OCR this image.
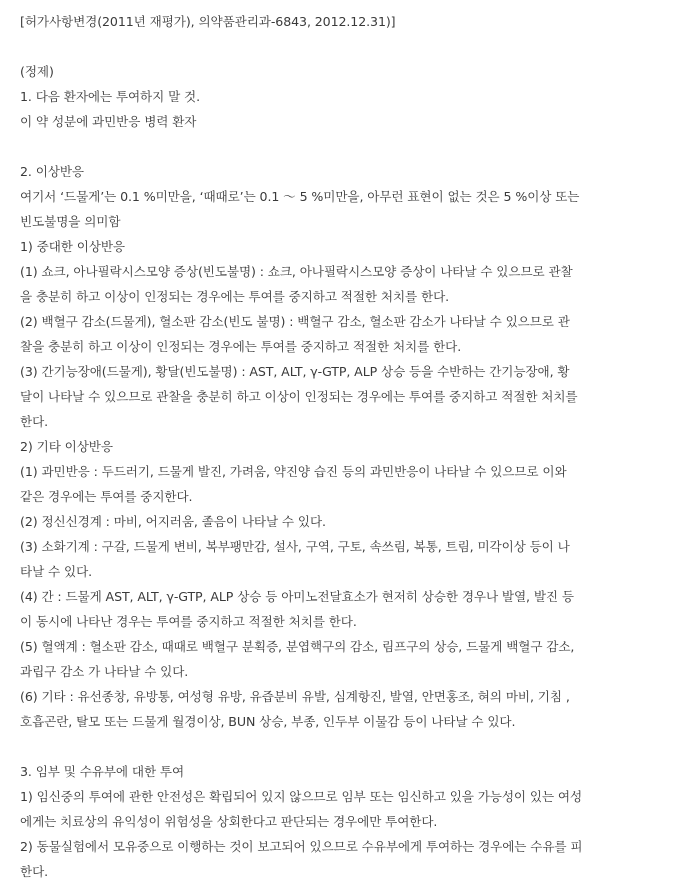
[허가사항변경(2011년 재평가), 의약품관리과-6843, 2012.12.31)]
(정제)
1. 다음 환자에는 투여하지 말 것.
이 약 성분에 과민반응 병력 환자
2. 이상반응
여기서 ‘드물게’는 0.1 %미만을, ‘때때로’는 0.1 ～ 5 %미만을, 아무런 표현이 없는 것은 5 %이상 또는
빈도불명을 의미함
1) 중대한 이상반응
(1) 쇼크, 아나필락시스모양 증상(빈도불명) : 쇼크, 아나필락시스모양 증상이 나타날 수 있으므로 관찰
을 충분히 하고 이상이 인정되는 경우에는 투여를 중지하고 적절한 처치를 한다.
(2) 백혈구 감소(드물게), 혈소판 감소(빈도 불명) : 백혈구 감소, 혈소판 감소가 나타날 수 있으므로 관
찰을 충분히 하고 이상이 인정되는 경우에는 투여를 중지하고 적절한 처치를 한다.
(3) 간기능장애(드물게), 황달(빈도불명) : AST, ALT, γ-GTP, ALP 상승 등을 수반하는 간기능장애, 황
달이 나타날 수 있으므로 관찰을 충분히 하고 이상이 인정되는 경우에는 투여를 중지하고 적절한 처치를
한다.
2) 기타 이상반응
(1) 과민반응 : 두드러기, 드물게 발진, 가려움, 약진양 습진 등의 과민반응이 나타날 수 있으므로 이와
같은 경우에는 투여를 중지한다.
(2) 정신신경계 : 마비, 어지러움, 졸음이 나타날 수 있다.
(3) 소화기계 : 구갈, 드물게 변비, 복부팽만감, 설사, 구역, 구토, 속쓰림, 복통, 트림, 미각이상 등이 나
타날 수 있다.
(4) 간 : 드물게 AST, ALT, γ-GTP, ALP 상승 등 아미노전달효소가 현저히 상승한 경우나 발열, 발진 등
이 동시에 나타난 경우는 투여를 중지하고 적절한 처치를 한다.
(5) 혈액계 : 혈소판 감소, 때때로 백혈구 분획증, 분엽핵구의 감소, 림프구의 상승, 드물게 백혈구 감소,
과립구 감소 가 나타날 수 있다.
(6) 기타 : 유선종창, 유방통, 여성형 유방, 유즙분비 유발, 심계항진, 발열, 안면홍조, 혀의 마비, 기침 ,
호흡곤란, 탈모 또는 드물게 월경이상, BUN 상승, 부종, 인두부 이물감 등이 나타날 수 있다.
3. 임부 및 수유부에 대한 투여
1) 임신중의 투여에 관한 안전성은 확립되어 있지 않으므로 임부 또는 임신하고 있을 가능성이 있는 여성
에게는 치료상의 유익성이 위험성을 상회한다고 판단되는 경우에만 투여한다.
2) 동물실험에서 모유중으로 이행하는 것이 보고되어 있으므로 수유부에게 투여하는 경우에는 수유를 피
한다.
